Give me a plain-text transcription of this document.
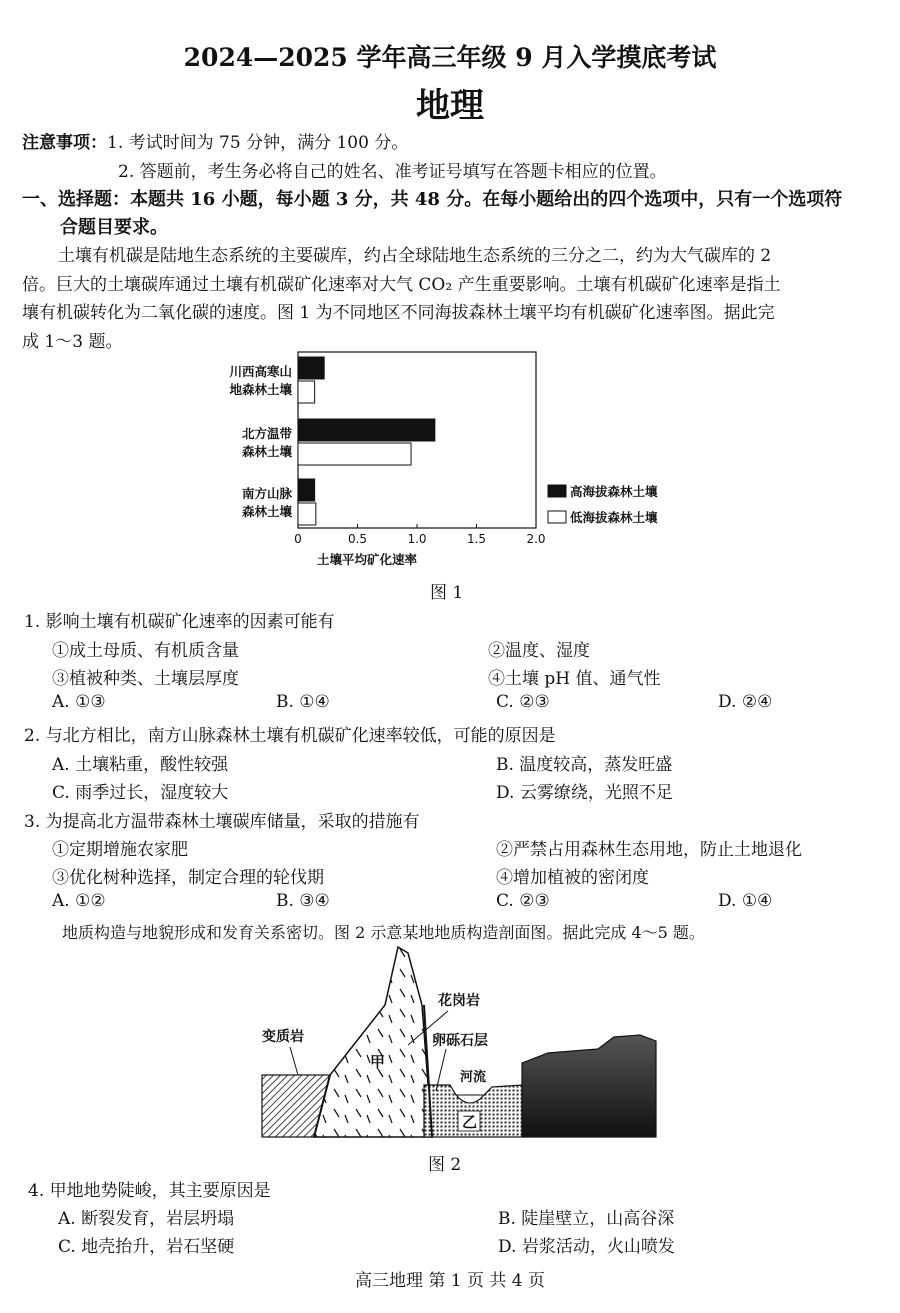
2024—2025 学年高三年级 9 月入学摸底考试
地理
注意事项：1. 考试时间为 75 分钟，满分 100 分。
2. 答题前，考生务必将自己的姓名、准考证号填写在答题卡相应的位置。
一、选择题：本题共 16 小题，每小题 3 分，共 48 分。在每小题给出的四个选项中，只有一个选项符
合题目要求。
土壤有机碳是陆地生态系统的主要碳库，约占全球陆地生态系统的三分之二，约为大气碳库的 2
倍。巨大的土壤碳库通过土壤有机碳矿化速率对大气 CO₂ 产生重要影响。土壤有机碳矿化速率是指土
壤有机碳转化为二氧化碳的速度。图 1 为不同地区不同海拔森林土壤平均有机碳矿化速率图。据此完
成 1～3 题。
川西高寒山
地森林土壤
北方温带
森林土壤
南方山脉
森林土壤
0	0.5	1.0	1.5	2.0
土壤平均矿化速率
高海拔森林土壤
低海拔森林土壤
图 1
1. 影响土壤有机碳矿化速率的因素可能有
①成土母质、有机质含量	②温度、湿度
③植被种类、土壤层厚度	④土壤 pH 值、通气性
A. ①③	B. ①④	C. ②③	D. ②④
2. 与北方相比，南方山脉森林土壤有机碳矿化速率较低，可能的原因是
A. 土壤粘重，酸性较强	B. 温度较高，蒸发旺盛
C. 雨季过长，湿度较大	D. 云雾缭绕，光照不足
3. 为提高北方温带森林土壤碳库储量，采取的措施有
①定期增施农家肥	②严禁占用森林生态用地，防止土地退化
③优化树种选择，制定合理的轮伐期	④增加植被的密闭度
A. ①②	B. ③④	C. ②③	D. ①④
地质构造与地貌形成和发育关系密切。图 2 示意某地地质构造剖面图。据此完成 4～5 题。
花岗岩
变质岩	卵砾石层
河流
甲
乙
图 2
4. 甲地地势陡峻，其主要原因是
A. 断裂发育，岩层坍塌	B. 陡崖壁立，山高谷深
C. 地壳抬升，岩石坚硬	D. 岩浆活动，火山喷发
高三地理 第 1 页 共 4 页
